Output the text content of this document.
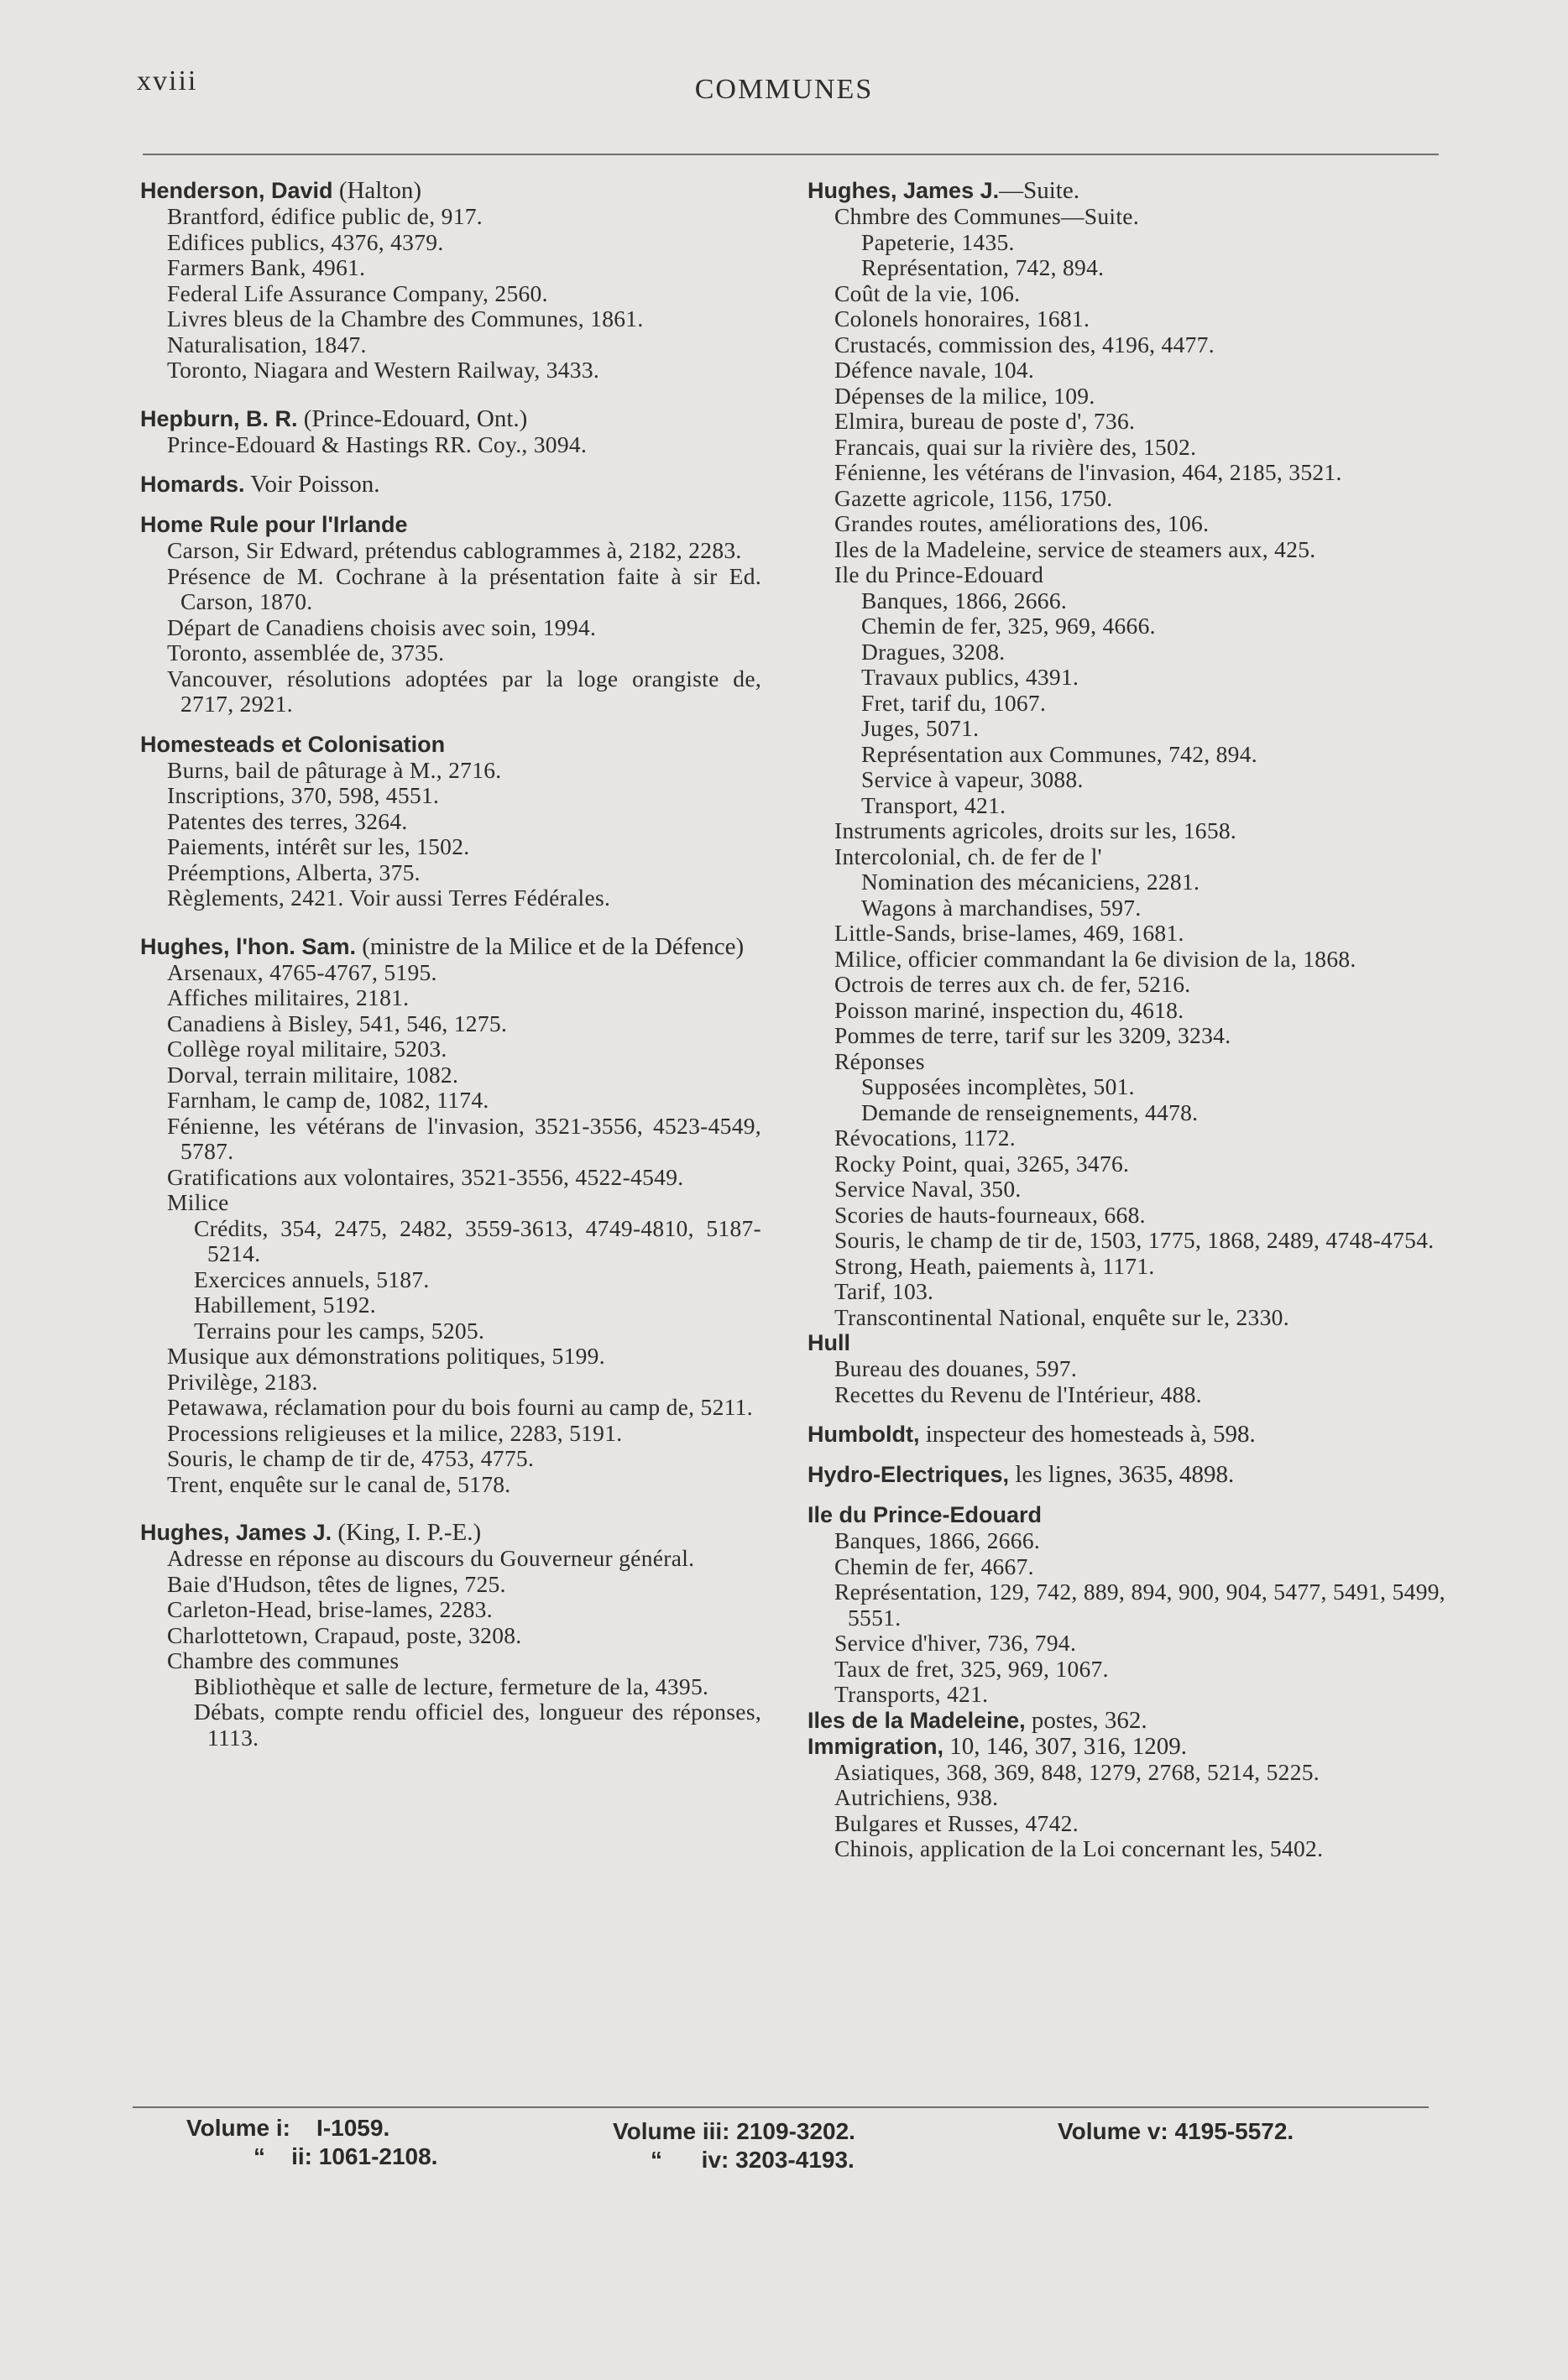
xviii	COMMUNES
Henderson, David (Halton)
Brantford, édifice public de, 917.
Edifices publics, 4376, 4379.
Farmers Bank, 4961.
Federal Life Assurance Company, 2560.
Livres bleus de la Chambre des Communes, 1861.
Naturalisation, 1847.
Toronto, Niagara and Western Railway, 3433.
Hepburn, B. R. (Prince-Edouard, Ont.)
Prince-Edouard & Hastings RR. Coy., 3094.
Homards. Voir Poisson.
Home Rule pour l'Irlande
Carson, Sir Edward, prétendus cablogrammes à, 2182, 2283.
Présence de M. Cochrane à la présentation faite à sir Ed. Carson, 1870.
Départ de Canadiens choisis avec soin, 1994.
Toronto, assemblée de, 3735.
Vancouver, résolutions adoptées par la loge orangiste de, 2717, 2921.
Homesteads et Colonisation
Burns, bail de pâturage à M., 2716.
Inscriptions, 370, 598, 4551.
Patentes des terres, 3264.
Paiements, intérêt sur les, 1502.
Préemptions, Alberta, 375.
Règlements, 2421. Voir aussi Terres Fédérales.
Hughes, l'hon. Sam. (ministre de la Milice et de la Défence)
Arsenaux, 4765-4767, 5195.
Affiches militaires, 2181.
Canadiens à Bisley, 541, 546, 1275.
Collège royal militaire, 5203.
Dorval, terrain militaire, 1082.
Farnham, le camp de, 1082, 1174.
Fénienne, les vétérans de l'invasion, 3521-3556, 4523-4549, 5787.
Gratifications aux volontaires, 3521-3556, 4522-4549.
Milice
Crédits, 354, 2475, 2482, 3559-3613, 4749-4810, 5187-5214.
Exercices annuels, 5187.
Habillement, 5192.
Terrains pour les camps, 5205.
Musique aux démonstrations politiques, 5199.
Privilège, 2183.
Petawawa, réclamation pour du bois fourni au camp de, 5211.
Processions religieuses et la milice, 2283, 5191.
Souris, le champ de tir de, 4753, 4775.
Trent, enquête sur le canal de, 5178.
Hughes, James J. (King, I. P.-E.)
Adresse en réponse au discours du Gouverneur général.
Baie d'Hudson, têtes de lignes, 725.
Carleton-Head, brise-lames, 2283.
Charlottetown, Crapaud, poste, 3208.
Chambre des communes
Bibliothèque et salle de lecture, fermeture de la, 4395.
Débats, compte rendu officiel des, longueur des réponses, 1113.
Hughes, James J.—Suite.
Chmbre des Communes—Suite.
Papeterie, 1435.
Représentation, 742, 894.
Coût de la vie, 106.
Colonels honoraires, 1681.
Crustacés, commission des, 4196, 4477.
Défence navale, 104.
Dépenses de la milice, 109.
Elmira, bureau de poste d', 736.
Francais, quai sur la rivière des, 1502.
Fénienne, les vétérans de l'invasion, 464, 2185, 3521.
Gazette agricole, 1156, 1750.
Grandes routes, améliorations des, 106.
Iles de la Madeleine, service de steamers aux, 425.
Ile du Prince-Edouard
Banques, 1866, 2666.
Chemin de fer, 325, 969, 4666.
Dragues, 3208.
Travaux publics, 4391.
Fret, tarif du, 1067.
Juges, 5071.
Représentation aux Communes, 742, 894.
Service à vapeur, 3088.
Transport, 421.
Instruments agricoles, droits sur les, 1658.
Intercolonial, ch. de fer de l'
Nomination des mécaniciens, 2281.
Wagons à marchandises, 597.
Little-Sands, brise-lames, 469, 1681.
Milice, officier commandant la 6e division de la, 1868.
Octrois de terres aux ch. de fer, 5216.
Poisson mariné, inspection du, 4618.
Pommes de terre, tarif sur les 3209, 3234.
Réponses
Supposées incomplètes, 501.
Demande de renseignements, 4478.
Révocations, 1172.
Rocky Point, quai, 3265, 3476.
Service Naval, 350.
Scories de hauts-fourneaux, 668.
Souris, le champ de tir de, 1503, 1775, 1868, 2489, 4748-4754.
Strong, Heath, paiements à, 1171.
Tarif, 103.
Transcontinental National, enquête sur le, 2330.
Hull
Bureau des douanes, 597.
Recettes du Revenu de l'Intérieur, 488.
Humboldt, inspecteur des homesteads à, 598.
Hydro-Electriques, les lignes, 3635, 4898.
Ile du Prince-Edouard
Banques, 1866, 2666.
Chemin de fer, 4667.
Représentation, 129, 742, 889, 894, 900, 904, 5477, 5491, 5499, 5551.
Service d'hiver, 736, 794.
Taux de fret, 325, 969, 1067.
Transports, 421.
Iles de la Madeleine, postes, 362.
Immigration, 10, 146, 307, 316, 1209.
Asiatiques, 368, 369, 848, 1279, 2768, 5214, 5225.
Autrichiens, 938.
Bulgares et Russes, 4742.
Chinois, application de la Loi concernant les, 5402.
Volume i:    I-1059.
“    ii: 1061-2108.
Volume iii: 2109-3202.
“      iv: 3203-4193.
Volume v: 4195-5572.
